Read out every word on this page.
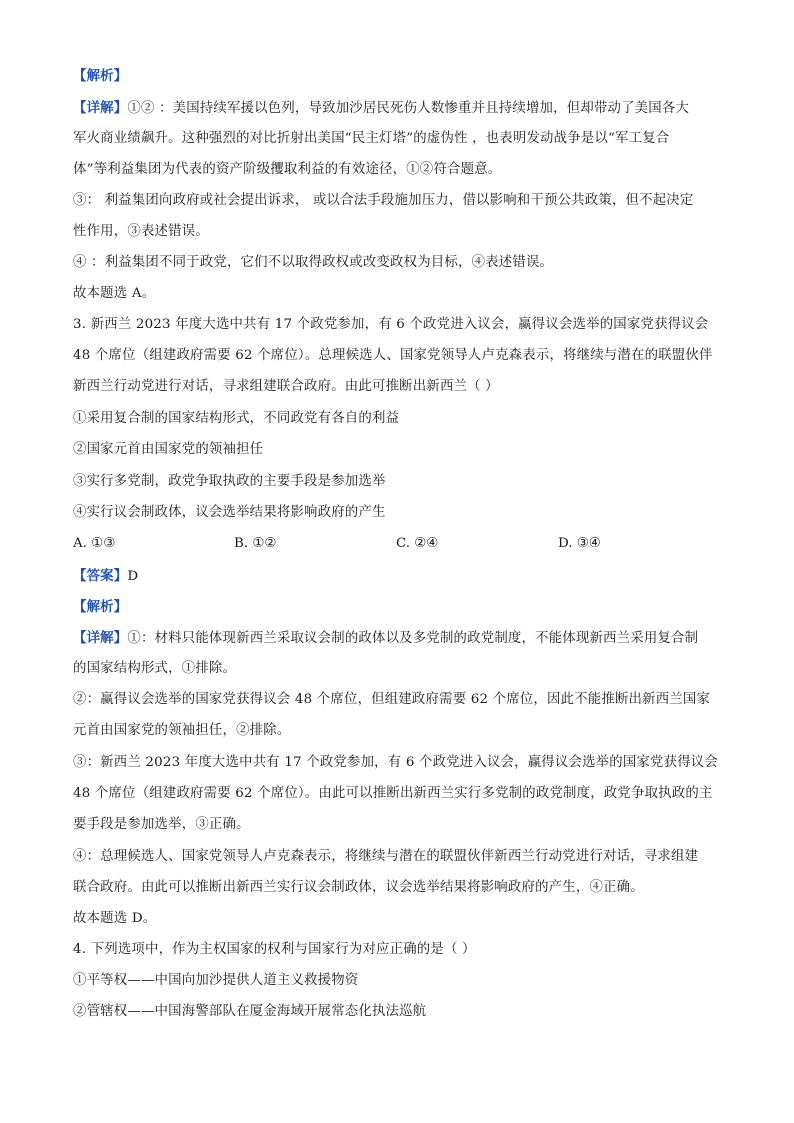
【解析】
【详解】①② ：美国持续军援以色列，导致加沙居民死伤人数惨重并且持续增加，但却带动了美国各大
军火商业绩飙升。这种强烈的对比折射出美国“民主灯塔”的虚伪性 ，也表明发动战争是以“军工复合
体”等利益集团为代表的资产阶级攫取利益的有效途径，①②符合题意。
③： 利益集团向政府或社会提出诉求， 或以合法手段施加压力，借以影响和干预公共政策，但不起决定
性作用，③表述错误。
④ ：利益集团不同于政党，它们不以取得政权或改变政权为目标，④表述错误。
故本题选 A。
3. 新西兰 2023 年度大选中共有 17 个政党参加，有 6 个政党进入议会，赢得议会选举的国家党获得议会
48 个席位（组建政府需要 62 个席位）。总理候选人、国家党领导人卢克森表示，将继续与潜在的联盟伙伴
新西兰行动党进行对话，寻求组建联合政府。由此可推断出新西兰（ ）
①采用复合制的国家结构形式，不同政党有各自的利益
②国家元首由国家党的领袖担任
③实行多党制，政党争取执政的主要手段是参加选举
④实行议会制政体，议会选举结果将影响政府的产生
A. ①③	B. ①②	C. ②④	D. ③④
【答案】D
【解析】
【详解】①：材料只能体现新西兰采取议会制的政体以及多党制的政党制度，不能体现新西兰采用复合制
的国家结构形式，①排除。
②：赢得议会选举的国家党获得议会 48 个席位，但组建政府需要 62 个席位，因此不能推断出新西兰国家
元首由国家党的领袖担任，②排除。
③：新西兰 2023 年度大选中共有 17 个政党参加，有 6 个政党进入议会，赢得议会选举的国家党获得议会
48 个席位（组建政府需要 62 个席位）。由此可以推断出新西兰实行多党制的政党制度，政党争取执政的主
要手段是参加选举，③正确。
④：总理候选人、国家党领导人卢克森表示，将继续与潜在的联盟伙伴新西兰行动党进行对话，寻求组建
联合政府。由此可以推断出新西兰实行议会制政体，议会选举结果将影响政府的产生，④正确。
故本题选 D。
4. 下列选项中，作为主权国家的权利与国家行为对应正确的是（ ）
①平等权——中国向加沙提供人道主义救援物资
②管辖权——中国海警部队在厦金海域开展常态化执法巡航
